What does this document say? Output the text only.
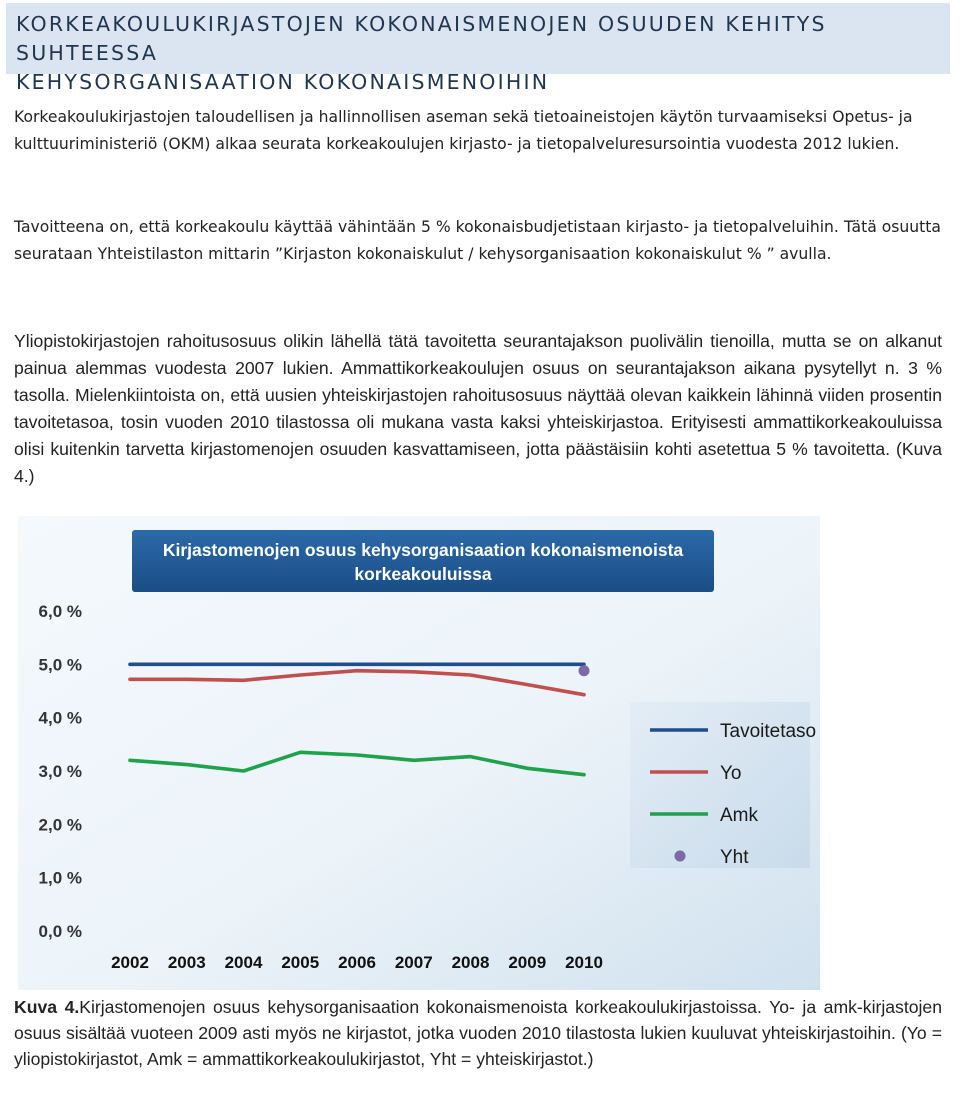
KORKEAKOULUKIRJASTOJEN KOKONAISMENOJEN OSUUDEN KEHITYS SUHTEESSA
KEHYSORGANISAATION KOKONAISMENOIHIN

Korkeakoulukirjastojen taloudellisen ja hallinnollisen aseman sekä tietoaineistojen käytön turvaamiseksi Opetus- ja kulttuuriministeriö (OKM) alkaa seurata korkeakoulujen kirjasto- ja tietopalveluresursointia vuodesta 2012 lukien.

Tavoitteena on, että korkeakoulu käyttää vähintään 5 % kokonaisbudjetistaan kirjasto- ja tietopalveluihin. Tätä osuutta seurataan Yhteistilaston mittarin ”Kirjaston kokonaiskulut / kehysorganisaation kokonaiskulut % ” avulla.

Yliopistokirjastojen rahoitusosuus olikin lähellä tätä tavoitetta seurantajakson puolivälin tienoilla, mutta se on alkanut painua alemmas vuodesta 2007 lukien. Ammattikorkeakoulujen osuus on seurantajakson aikana pysytellyt n. 3 % tasolla. Mielenkiintoista on, että uusien yhteiskirjastojen rahoitusosuus näyttää olevan kaikkein lähinnä viiden prosentin tavoitetasoa, tosin vuoden 2010 tilastossa oli mukana vasta kaksi yhteiskirjastoa. Erityisesti ammattikorkeakouluissa olisi kuitenkin tarvetta kirjastomenojen osuuden kasvattamiseen, jotta päästäisiin kohti asetettua 5 % tavoitetta. (Kuva 4.)

Kirjastomenojen osuus kehysorganisaation kokonaismenoista
korkeakouluissa
0,0 %
1,0 %
2,0 %
3,0 %
4,0 %
5,0 %
6,0 %
2002 2003 2004 2005 2006 2007 2008 2009 2010
Tavoitetaso
Yo
Amk
Yht

Kuva 4.Kirjastomenojen osuus kehysorganisaation kokonaismenoista korkeakoulukirjastoissa. Yo- ja amk-kirjastojen osuus sisältää vuoteen 2009 asti myös ne kirjastot, jotka vuoden 2010 tilastosta lukien kuuluvat yhteiskirjastoihin. (Yo = yliopistokirjastot, Amk = ammattikorkeakoulukirjastot, Yht = yhteiskirjastot.)
